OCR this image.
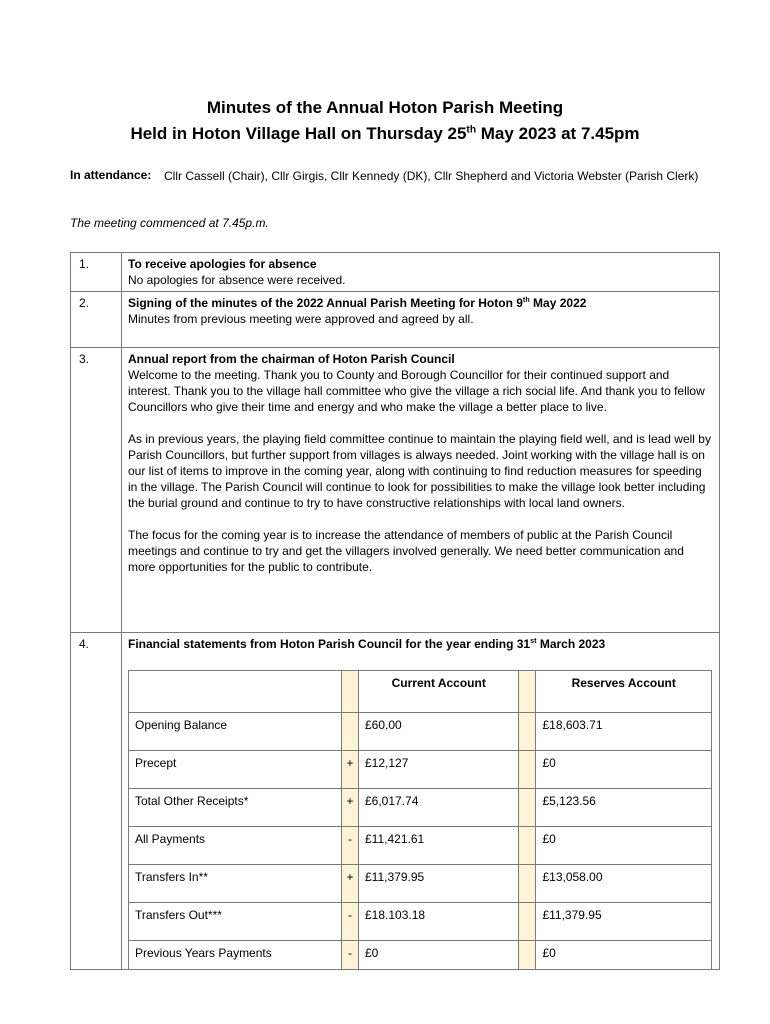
Minutes of the Annual Hoton Parish Meeting
Held in Hoton Village Hall on Thursday 25th May 2023 at 7.45pm
In attendance: Cllr Cassell (Chair), Cllr Girgis, Cllr Kennedy (DK), Cllr Shepherd and Victoria Webster (Parish Clerk)
The meeting commenced at 7.45p.m.
1.	To receive apologies for absence
No apologies for absence were received.

2.	Signing of the minutes of the 2022 Annual Parish Meeting for Hoton 9th May 2022
Minutes from previous meeting were approved and agreed by all.

3.	Annual report from the chairman of Hoton Parish Council
Welcome to the meeting. Thank you to County and Borough Councillor for their continued support and interest. Thank you to the village hall committee who give the village a rich social life. And thank you to fellow Councillors who give their time and energy and who make the village a better place to live.
As in previous years, the playing field committee continue to maintain the playing field well, and is lead well by Parish Councillors, but further support from villages is always needed. Joint working with the village hall is on our list of items to improve in the coming year, along with continuing to find reduction measures for speeding in the village. The Parish Council will continue to look for possibilities to make the village look better including the burial ground and continue to try to have constructive relationships with local land owners.
The focus for the coming year is to increase the attendance of members of public at the Parish Council meetings and continue to try and get the villagers involved generally. We need better communication and more opportunities for the public to contribute.

4.	Financial statements from Hoton Parish Council for the year ending 31st March 2023
		Current Account		Reserves Account
Opening Balance		£60.00		£18,603.71
Precept	+	£12,127		£0
Total Other Receipts*	+	£6,017.74		£5,123.56
All Payments	-	£11,421.61		£0
Transfers In**	+	£11,379.95		£13,058.00
Transfers Out***	-	£18.103.18		£11,379.95
Previous Years Payments	-	£0		£0
